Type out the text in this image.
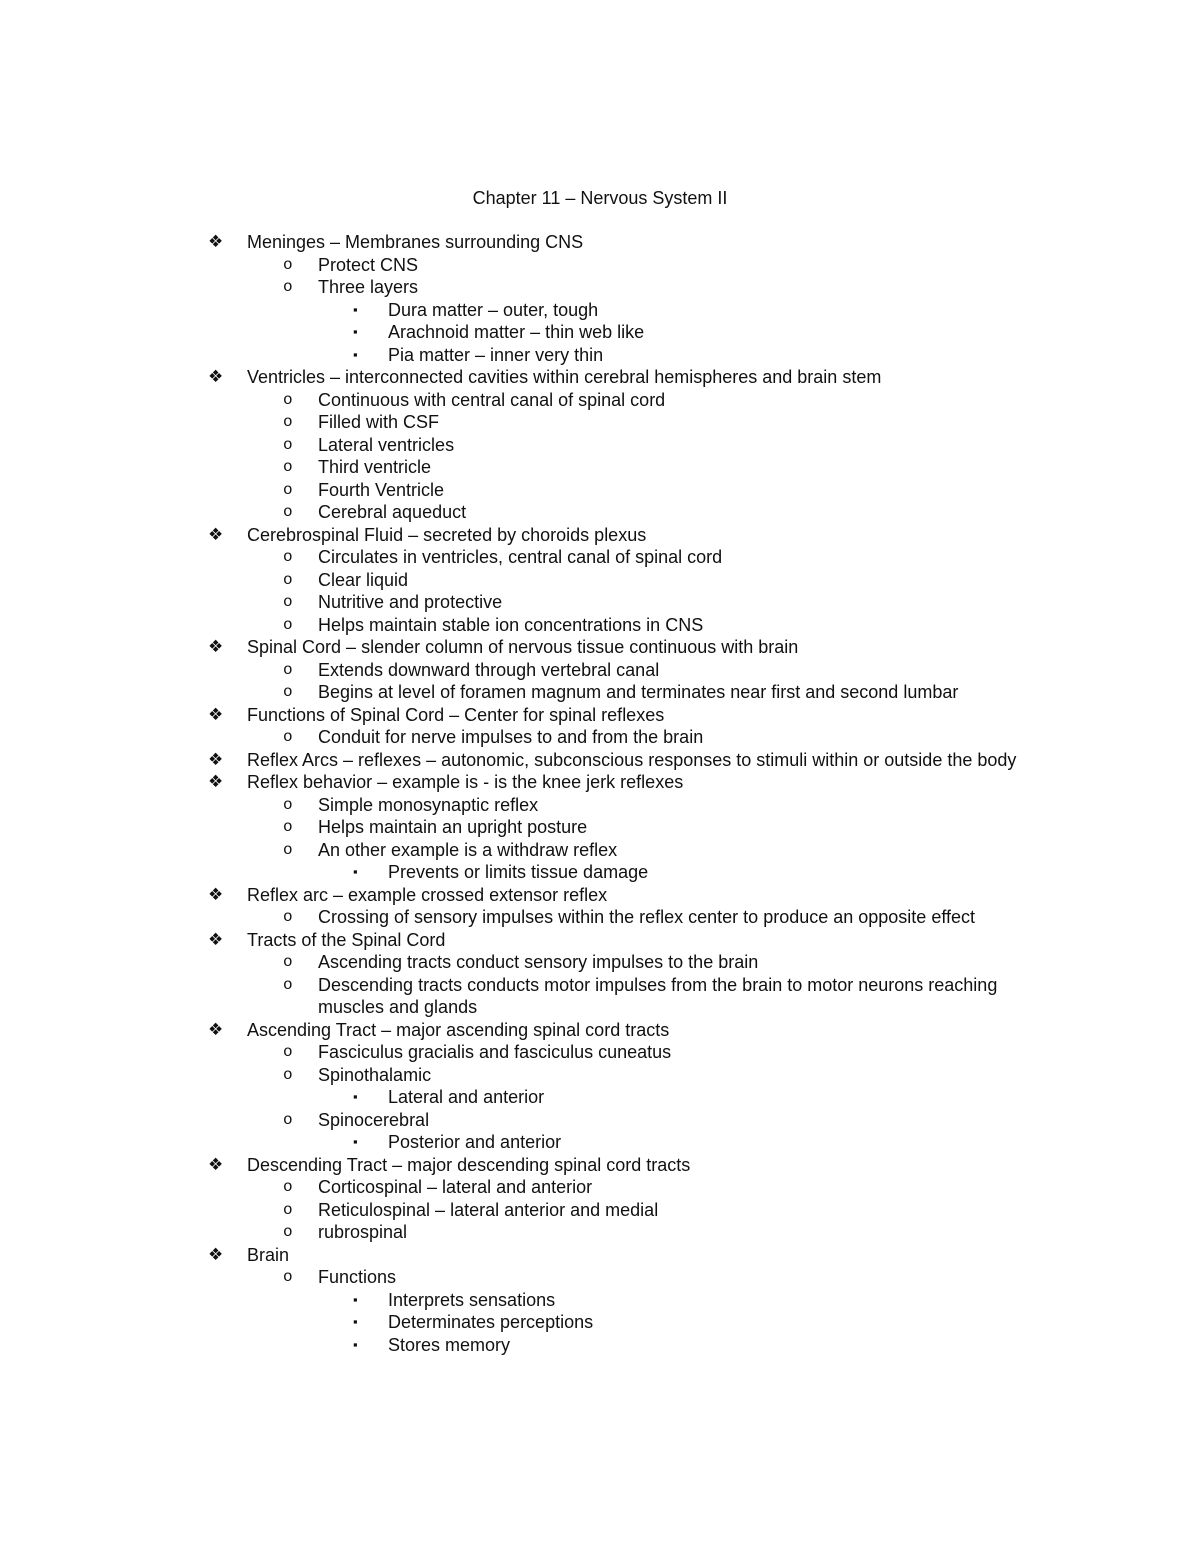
Chapter 11 – Nervous System II
❖ Meninges – Membranes surrounding CNS
o Protect CNS
o Three layers
▪ Dura matter – outer, tough
▪ Arachnoid matter – thin web like
▪ Pia matter – inner very thin
❖ Ventricles – interconnected cavities within cerebral hemispheres and brain stem
o Continuous with central canal of spinal cord
o Filled with CSF
o Lateral ventricles
o Third ventricle
o Fourth Ventricle
o Cerebral aqueduct
❖ Cerebrospinal Fluid – secreted by choroids plexus
o Circulates in ventricles, central canal of spinal cord
o Clear liquid
o Nutritive and protective
o Helps maintain stable ion concentrations in CNS
❖ Spinal Cord – slender column of nervous tissue continuous with brain
o Extends downward through vertebral canal
o Begins at level of foramen magnum and terminates near first and second lumbar
❖ Functions of Spinal Cord – Center for spinal reflexes
o Conduit for nerve impulses to and from the brain
❖ Reflex Arcs – reflexes – autonomic, subconscious responses to stimuli within or outside the body
❖ Reflex behavior – example is - is the knee jerk reflexes
o Simple monosynaptic reflex
o Helps maintain an upright posture
o An other example is a withdraw reflex
▪ Prevents or limits tissue damage
❖ Reflex arc – example crossed extensor reflex
o Crossing of sensory impulses within the reflex center to produce an opposite effect
❖ Tracts of the Spinal Cord
o Ascending tracts conduct sensory impulses to the brain
o Descending tracts conducts motor impulses from the brain to motor neurons reaching muscles and glands
❖ Ascending Tract – major ascending spinal cord tracts
o Fasciculus gracialis and fasciculus cuneatus
o Spinothalamic
▪ Lateral and anterior
o Spinocerebral
▪ Posterior and anterior
❖ Descending Tract – major descending spinal cord tracts
o Corticospinal – lateral and anterior
o Reticulospinal – lateral anterior and medial
o rubrospinal
❖ Brain
o Functions
▪ Interprets sensations
▪ Determinates perceptions
▪ Stores memory
